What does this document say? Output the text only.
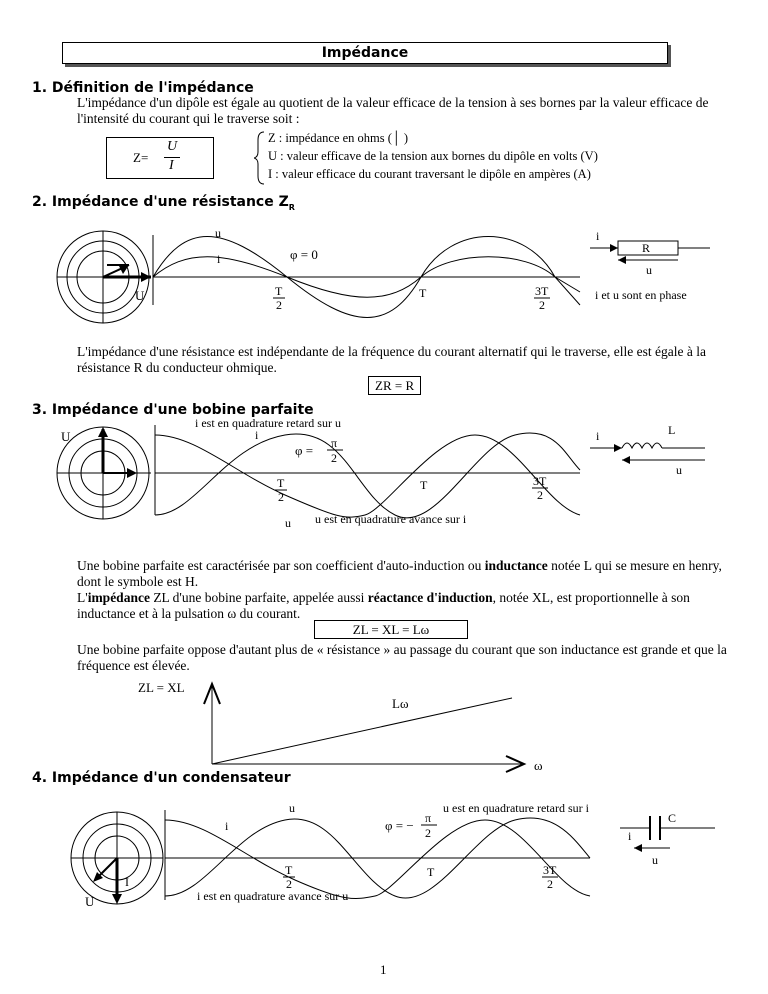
Impédance
1. Définition de l'impédance
L'impédance d'un dipôle est égale au quotient de la valeur efficace de la tension à ses bornes par la valeur efficace de l'intensité du courant qui le traverse soit :
Z=
U
I
Z : impédance en ohms (│ )
U : valeur efficave de la tension aux bornes du dipôle en volts (V)
I : valeur efficace du courant traversant le dipôle en ampères (A)
2. Impédance d'une résistance $Z_R$
U
u
i	φ = 0
T
2
T	3T
2
i
R
u
i et u sont en phase
L'impédance d'une résistance est indépendante de la fréquence du courant alternatif qui le traverse, elle est égale à la résistance R du conducteur ohmique.
ZR = R
3. Impédance d'une bobine parfaite
U
i est en quadrature retard sur u
i
φ = π
2
T
2
T	3T
2
u u est en quadrature avance sur i
i	L
u
Une bobine parfaite est caractérisée par son coefficient d'auto-induction ou inductance notée L qui se mesure en henry, dont le symbole est H.
L'impédance ZL d'une bobine parfaite, appelée aussi réactance d'induction, notée XL, est proportionnelle à son inductance et à la pulsation ω du courant.
ZL = XL = Lω
Une bobine parfaite oppose d'autant plus de « résistance » au passage du courant que son inductance est grande et que la fréquence est élevée.
ZL = XL
Lω
ω
4. Impédance d'un condensateur
U
I
u
i	φ = − π
2
u est en quadrature retard sur i
T
2
T	3T
2
i est en quadrature avance sur u
C
i
u
1
